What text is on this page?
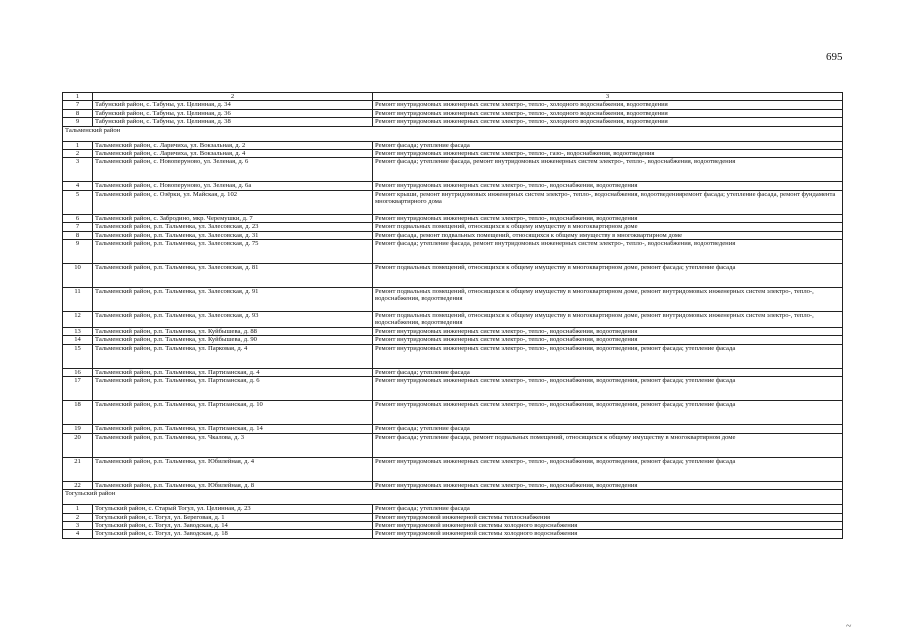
695
1	2	3
7	Табунский район, с. Табуны, ул. Целинная, д. 34	Ремонт внутридомовых инженерных систем электро-, тепло-, холодного водоснабжения, водоотведения
8	Табунский район, с. Табуны, ул. Целинная, д. 36	Ремонт внутридомовых инженерных систем электро-, тепло-, холодного водоснабжения, водоотведения
9	Табунский район, с. Табуны, ул. Целинная, д. 38	Ремонт внутридомовых инженерных систем электро-, тепло-, холодного водоснабжения, водоотведения
Тальменский район		
1	Тальменский район, с. Ларичиха, ул. Вокзальная, д. 2	Ремонт фасада; утепление фасада
2	Тальменский район, с. Ларичиха, ул. Вокзальная, д. 4	Ремонт внутридомовых инженерных систем электро-, тепло-, газо-, водоснабжения, водоотведения
3	Тальменский район, с. Новоперуново, ул. Зеленая, д. 6	Ремонт фасада; утепление фасада, ремонт внутридомовых инженерных систем электро-, тепло-, водоснабжения, водоотведения
4	Тальменский район, с. Новоперуново, ул. Зеленая, д. 6а	Ремонт внутридомовых инженерных систем электро-, тепло-, водоснабжения, водоотведения
5	Тальменский район, с. Озёрки, ул. Майская, д. 102	Ремонт крыши, ремонт внутридомовых инженерных систем электро-, тепло-, водоснабжения, водоотведенияремонт фасада; утепление фасада, ремонт фундамента многоквартирного дома
6	Тальменский район, с. Забродино, мкр. Черемушки, д. 7	Ремонт внутридомовых инженерных систем электро-, тепло-, водоснабжения, водоотведения
7	Тальменский район, р.п. Тальменка, ул. Залесовская, д. 23	Ремонт подвальных помещений, относящихся к общему имуществу в многоквартирном доме
8	Тальменский район, р.п. Тальменка, ул. Залесовская, д. 31	Ремонт фасада, ремонт подвальных помещений, относящихся к общему имуществу в многоквартирном доме
9	Тальменский район, р.п. Тальменка, ул. Залесовская, д. 75	Ремонт фасада; утепление фасада, ремонт внутридомовых инженерных систем электро-, тепло-, водоснабжения, водоотведения
10	Тальменский район, р.п. Тальменка, ул. Залесовская, д. 81	Ремонт подвальных помещений, относящихся к общему имуществу в многоквартирном доме, ремонт фасада; утепление фасада
11	Тальменский район, р.п. Тальменка, ул. Залесовская, д. 91	Ремонт подвальных помещений, относящихся к общему имуществу в многоквартирном доме, ремонт внутридомовых инженерных систем электро-, тепло-, водоснабжения, водоотведения
12	Тальменский район, р.п. Тальменка, ул. Залесовская, д. 93	Ремонт подвальных помещений, относящихся к общему имуществу в многоквартирном доме, ремонт внутридомовых инженерных систем электро-, тепло-, водоснабжения, водоотведения
13	Тальменский район, р.п. Тальменка, ул. Куйбышева, д. 88	Ремонт внутридомовых инженерных систем электро-, тепло-, водоснабжения, водоотведения
14	Тальменский район, р.п. Тальменка, ул. Куйбышева, д. 90	Ремонт внутридомовых инженерных систем электро-, тепло-, водоснабжения, водоотведения
15	Тальменский район, р.п. Тальменка, ул. Парковая, д. 4	Ремонт внутридомовых инженерных систем электро-, тепло-, водоснабжения, водоотведения, ремонт фасада; утепление фасада
16	Тальменский район, р.п. Тальменка, ул. Партизанская, д. 4	Ремонт фасада; утепление фасада
17	Тальменский район, р.п. Тальменка, ул. Партизанская, д. 6	Ремонт внутридомовых инженерных систем электро-, тепло-, водоснабжения, водоотведения, ремонт фасада; утепление фасада
18	Тальменский район, р.п. Тальменка, ул. Партизанская, д. 10	Ремонт внутридомовых инженерных систем электро-, тепло-, водоснабжения, водоотведения, ремонт фасада; утепление фасада
19	Тальменский район, р.п. Тальменка, ул. Партизанская, д. 14	Ремонт фасада; утепление фасада
20	Тальменский район, р.п. Тальменка, ул. Чкалова, д. 3	Ремонт фасада; утепление фасада, ремонт подвальных помещений, относящихся к общему имуществу в многоквартирном доме
21	Тальменский район, р.п. Тальменка, ул. Юбилейная, д. 4	Ремонт внутридомовых инженерных систем электро-, тепло-, водоснабжения, водоотведения, ремонт фасада; утепление фасада
22	Тальменский район, р.п. Тальменка, ул. Юбилейная, д. 8	Ремонт внутридомовых инженерных систем электро-, тепло-, водоснабжения, водоотведения
Тогульский район		
1	Тогульский район, с. Старый Тогул, ул. Целинная, д. 23	Ремонт фасада; утепление фасада
2	Тогульский район, с. Тогул, ул. Береговая, д. 1	Ремонт внутридомовой инженерной системы теплоснабжения
3	Тогульский район, с. Тогул, ул. Заводская, д. 14	Ремонт внутридомовой инженерной системы холодного водоснабжения
4	Тогульский район, с. Тогул, ул. Заводская, д. 18	Ремонт внутридомовой инженерной системы холодного водоснабжения
~
